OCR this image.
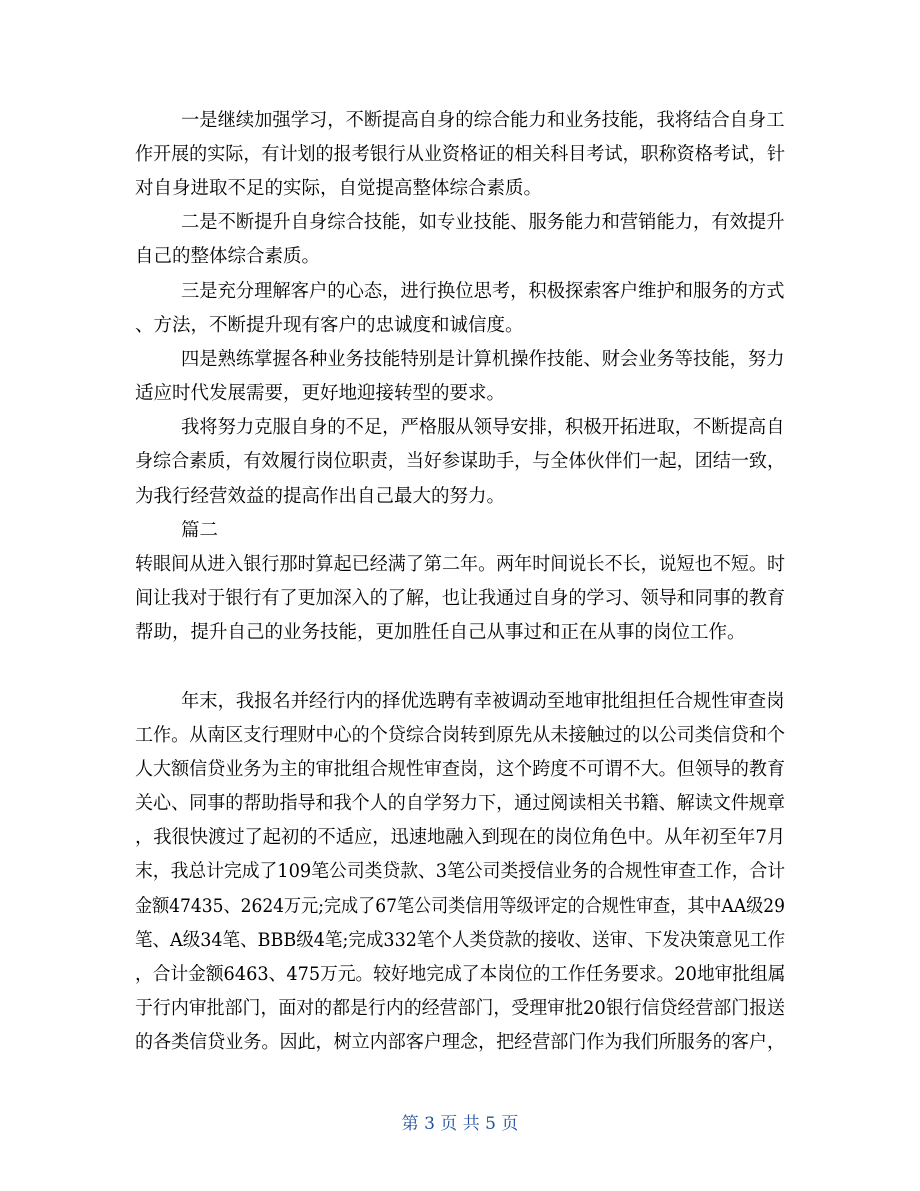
一是继续加强学习，不断提高自身的综合能力和业务技能，我将结合自身工
作开展的实际，有计划的报考银行从业资格证的相关科目考试，职称资格考试，针
对自身进取不足的实际，自觉提高整体综合素质。
二是不断提升自身综合技能，如专业技能、服务能力和营销能力，有效提升
自己的整体综合素质。
三是充分理解客户的心态，进行换位思考，积极探索客户维护和服务的方式
、方法，不断提升现有客户的忠诚度和诚信度。
四是熟练掌握各种业务技能特别是计算机操作技能、财会业务等技能，努力
适应时代发展需要，更好地迎接转型的要求。
我将努力克服自身的不足，严格服从领导安排，积极开拓进取，不断提高自
身综合素质，有效履行岗位职责，当好参谋助手，与全体伙伴们一起，团结一致，
为我行经营效益的提高作出自己最大的努力。
篇二
转眼间从进入银行那时算起已经满了第二年。两年时间说长不长，说短也不短。时
间让我对于银行有了更加深入的了解，也让我通过自身的学习、领导和同事的教育
帮助，提升自己的业务技能，更加胜任自己从事过和正在从事的岗位工作。
年末，我报名并经行内的择优选聘有幸被调动至地审批组担任合规性审查岗
工作。从南区支行理财中心的个贷综合岗转到原先从未接触过的以公司类信贷和个
人大额信贷业务为主的审批组合规性审查岗，这个跨度不可谓不大。但领导的教育
关心、同事的帮助指导和我个人的自学努力下，通过阅读相关书籍、解读文件规章
，我很快渡过了起初的不适应，迅速地融入到现在的岗位角色中。从年初至年7月
末，我总计完成了109笔公司类贷款、3笔公司类授信业务的合规性审查工作，合计
金额47435、2624万元;完成了67笔公司类信用等级评定的合规性审查，其中AA级29
笔、A级34笔、BBB级4笔;完成332笔个人类贷款的接收、送审、下发决策意见工作
，合计金额6463、475万元。较好地完成了本岗位的工作任务要求。20地审批组属
于行内审批部门，面对的都是行内的经营部门，受理审批20银行信贷经营部门报送
的各类信贷业务。因此，树立内部客户理念，把经营部门作为我们所服务的客户，
第 3 页 共 5 页
